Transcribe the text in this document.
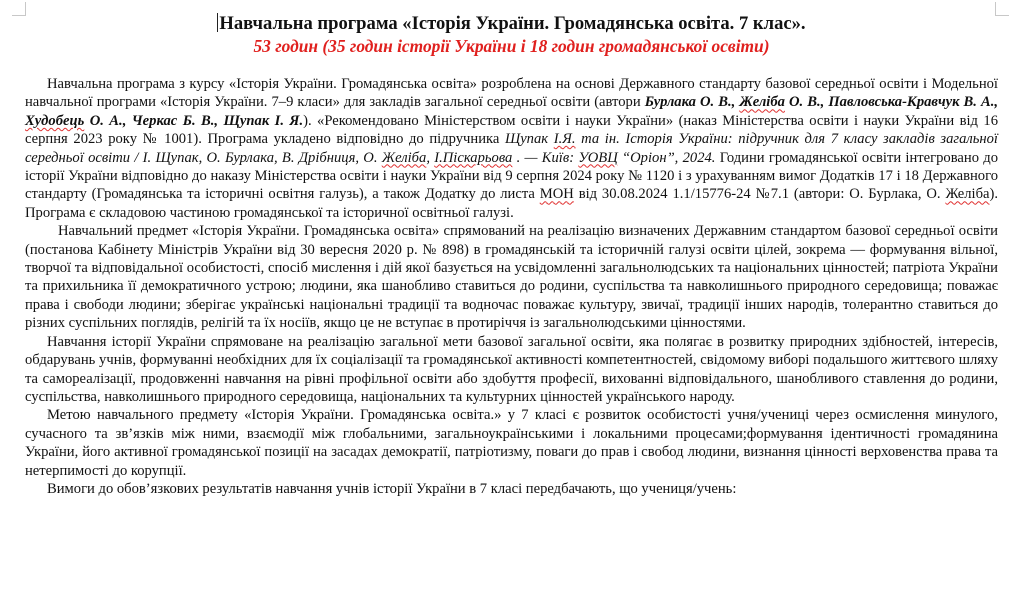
Навчальна програма «Історія України. Громадянська освіта. 7 клас».
53 годин (35 годин історії України і 18 годин громадянської освіти)

Навчальна програма з курсу «Історія України. Громадянська освіта» розроблена на основі Державного стандарту базової середньої освіти і Модельної навчальної програми «Історія України. 7–9 класи» для закладів загальної середньої освіти (автори Бурлака О. В., Желіба О. В., Павловська-Кравчук В. А., Худобець О. А., Черкас Б. В., Щупак І. Я.). «Рекомендовано Міністерством освіти і науки України» (наказ Міністерства освіти і науки України від 16 серпня 2023 року № 1001). Програма укладено відповідно до підручника Щупак І.Я. та ін. Історія України: підручник для 7 класу закладів загальної середньої освіти / І. Щупак, О. Бурлака, В. Дрібниця, О. Желіба, І.Піскарьова . — Київ: УОВЦ “Оріон”, 2024. Години громадянської освіти інтегровано до історії України відповідно до наказу Міністерства освіти і науки України від 9 серпня 2024 року № 1120 і з урахуванням вимог Додатків 17 і 18 Державного стандарту (Громадянська та історичні освітня галузь), а також Додатку до листа МОН від 30.08.2024 1.1/15776-24 №7.1 (автори: О. Бурлака, О. Желіба). Програма є складовою частиною громадянської та історичної освітньої галузі.

Навчальний предмет «Історія України. Громадянська освіта» спрямований на реалізацію визначених Державним стандартом базової середньої освіти (постанова Кабінету Міністрів України від 30 вересня 2020 р. № 898) в громадянській та історичній галузі освіти цілей, зокрема — формування вільної, творчої та відповідальної особистості, спосіб мислення і дій якої базується на усвідомленні загальнолюдських та національних цінностей; патріота України та прихильника її демократичного устрою; людини, яка шанобливо ставиться до родини, суспільства та навколишнього природного середовища; поважає права і свободи людини; зберігає українські національні традиції та водночас поважає культуру, звичаї, традиції інших народів, толерантно ставиться до різних суспільних поглядів, релігій та їх носіїв, якщо це не вступає в протиріччя із загальнолюдськими цінностями.

Навчання історії України спрямоване на реалізацію загальної мети базової загальної освіти, яка полягає в розвитку природних здібностей, інтересів, обдарувань учнів, формуванні необхідних для їх соціалізації та громадянської активності компетентностей, свідомому виборі подальшого життєвого шляху та самореалізації, продовженні навчання на рівні профільної освіти або здобуття професії, вихованні відповідального, шанобливого ставлення до родини, суспільства, навколишнього природного середовища, національних та культурних цінностей українського народу.

Метою навчального предмету «Історія України. Громадянська освіта.» у 7 класі є розвиток особистості учня/учениці через осмислення минулого, сучасного та зв’язків між ними, взаємодії між глобальними, загальноукраїнськими і локальними процесами;формування ідентичності громадянина України, його активної громадянської позиції на засадах демократії, патріотизму, поваги до прав і свобод людини, визнання цінності верховенства права та нетерпимості до корупції.

Вимоги до обов’язкових результатів навчання учнів історії України в 7 класі передбачають, що учениця/учень:
